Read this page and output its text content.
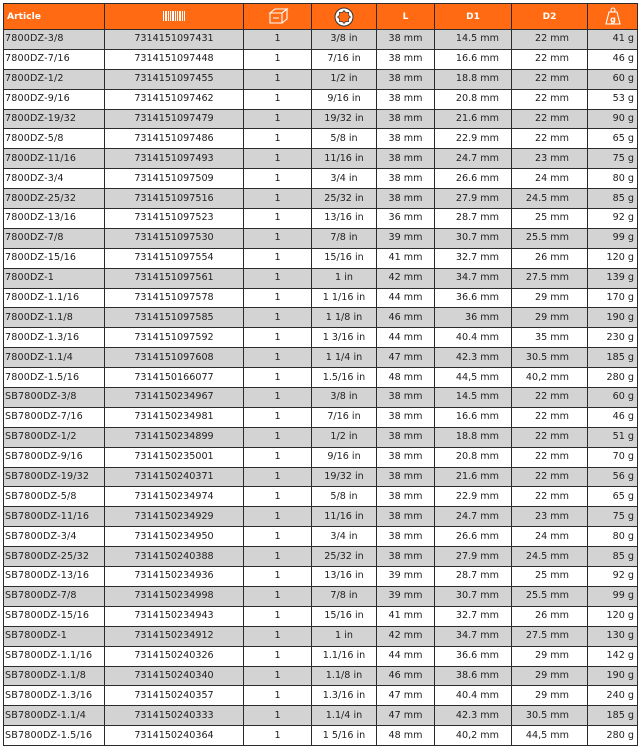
Article				L	D1	D2	g

7800DZ-3/8	7314151097431	1	3/8 in	38 mm	14.5 mm	22 mm	41 g
7800DZ-7/16	7314151097448	1	7/16 in	38 mm	16.6 mm	22 mm	46 g
7800DZ-1/2	7314151097455	1	1/2 in	38 mm	18.8 mm	22 mm	60 g
7800DZ-9/16	7314151097462	1	9/16 in	38 mm	20.8 mm	22 mm	53 g
7800DZ-19/32	7314151097479	1	19/32 in	38 mm	21.6 mm	22 mm	90 g
7800DZ-5/8	7314151097486	1	5/8 in	38 mm	22.9 mm	22 mm	65 g
7800DZ-11/16	7314151097493	1	11/16 in	38 mm	24.7 mm	23 mm	75 g
7800DZ-3/4	7314151097509	1	3/4 in	38 mm	26.6 mm	24 mm	80 g
7800DZ-25/32	7314151097516	1	25/32 in	38 mm	27.9 mm	24.5 mm	85 g
7800DZ-13/16	7314151097523	1	13/16 in	36 mm	28.7 mm	25 mm	92 g
7800DZ-7/8	7314151097530	1	7/8 in	39 mm	30.7 mm	25.5 mm	99 g
7800DZ-15/16	7314151097554	1	15/16 in	41 mm	32.7 mm	26 mm	120 g
7800DZ-1	7314151097561	1	1 in	42 mm	34.7 mm	27.5 mm	139 g
7800DZ-1.1/16	7314151097578	1	1 1/16 in	44 mm	36.6 mm	29 mm	170 g
7800DZ-1.1/8	7314151097585	1	1 1/8 in	46 mm	36 mm	29 mm	190 g
7800DZ-1.3/16	7314151097592	1	1 3/16 in	44 mm	40.4 mm	35 mm	230 g
7800DZ-1.1/4	7314151097608	1	1 1/4 in	47 mm	42.3 mm	30.5 mm	185 g
7800DZ-1.5/16	7314150166077	1	1.5/16 in	48 mm	44,5 mm	40,2 mm	280 g
SB7800DZ-3/8	7314150234967	1	3/8 in	38 mm	14.5 mm	22 mm	60 g
SB7800DZ-7/16	7314150234981	1	7/16 in	38 mm	16.6 mm	22 mm	46 g
SB7800DZ-1/2	7314150234899	1	1/2 in	38 mm	18.8 mm	22 mm	51 g
SB7800DZ-9/16	7314150235001	1	9/16 in	38 mm	20.8 mm	22 mm	70 g
SB7800DZ-19/32	7314150240371	1	19/32 in	38 mm	21.6 mm	22 mm	56 g
SB7800DZ-5/8	7314150234974	1	5/8 in	38 mm	22.9 mm	22 mm	65 g
SB7800DZ-11/16	7314150234929	1	11/16 in	38 mm	24.7 mm	23 mm	75 g
SB7800DZ-3/4	7314150234950	1	3/4 in	38 mm	26.6 mm	24 mm	80 g
SB7800DZ-25/32	7314150240388	1	25/32 in	38 mm	27.9 mm	24.5 mm	85 g
SB7800DZ-13/16	7314150234936	1	13/16 in	39 mm	28.7 mm	25 mm	92 g
SB7800DZ-7/8	7314150234998	1	7/8 in	39 mm	30.7 mm	25.5 mm	99 g
SB7800DZ-15/16	7314150234943	1	15/16 in	41 mm	32.7 mm	26 mm	120 g
SB7800DZ-1	7314150234912	1	1 in	42 mm	34.7 mm	27.5 mm	130 g
SB7800DZ-1.1/16	7314150240326	1	1.1/16 in	44 mm	36.6 mm	29 mm	142 g
SB7800DZ-1.1/8	7314150240340	1	1.1/8 in	46 mm	38.6 mm	29 mm	190 g
SB7800DZ-1.3/16	7314150240357	1	1.3/16 in	47 mm	40.4 mm	29 mm	240 g
SB7800DZ-1.1/4	7314150240333	1	1.1/4 in	47 mm	42.3 mm	30.5 mm	185 g
SB7800DZ-1.5/16	7314150240364	1	1 5/16 in	48 mm	40,2 mm	44,5 mm	280 g
